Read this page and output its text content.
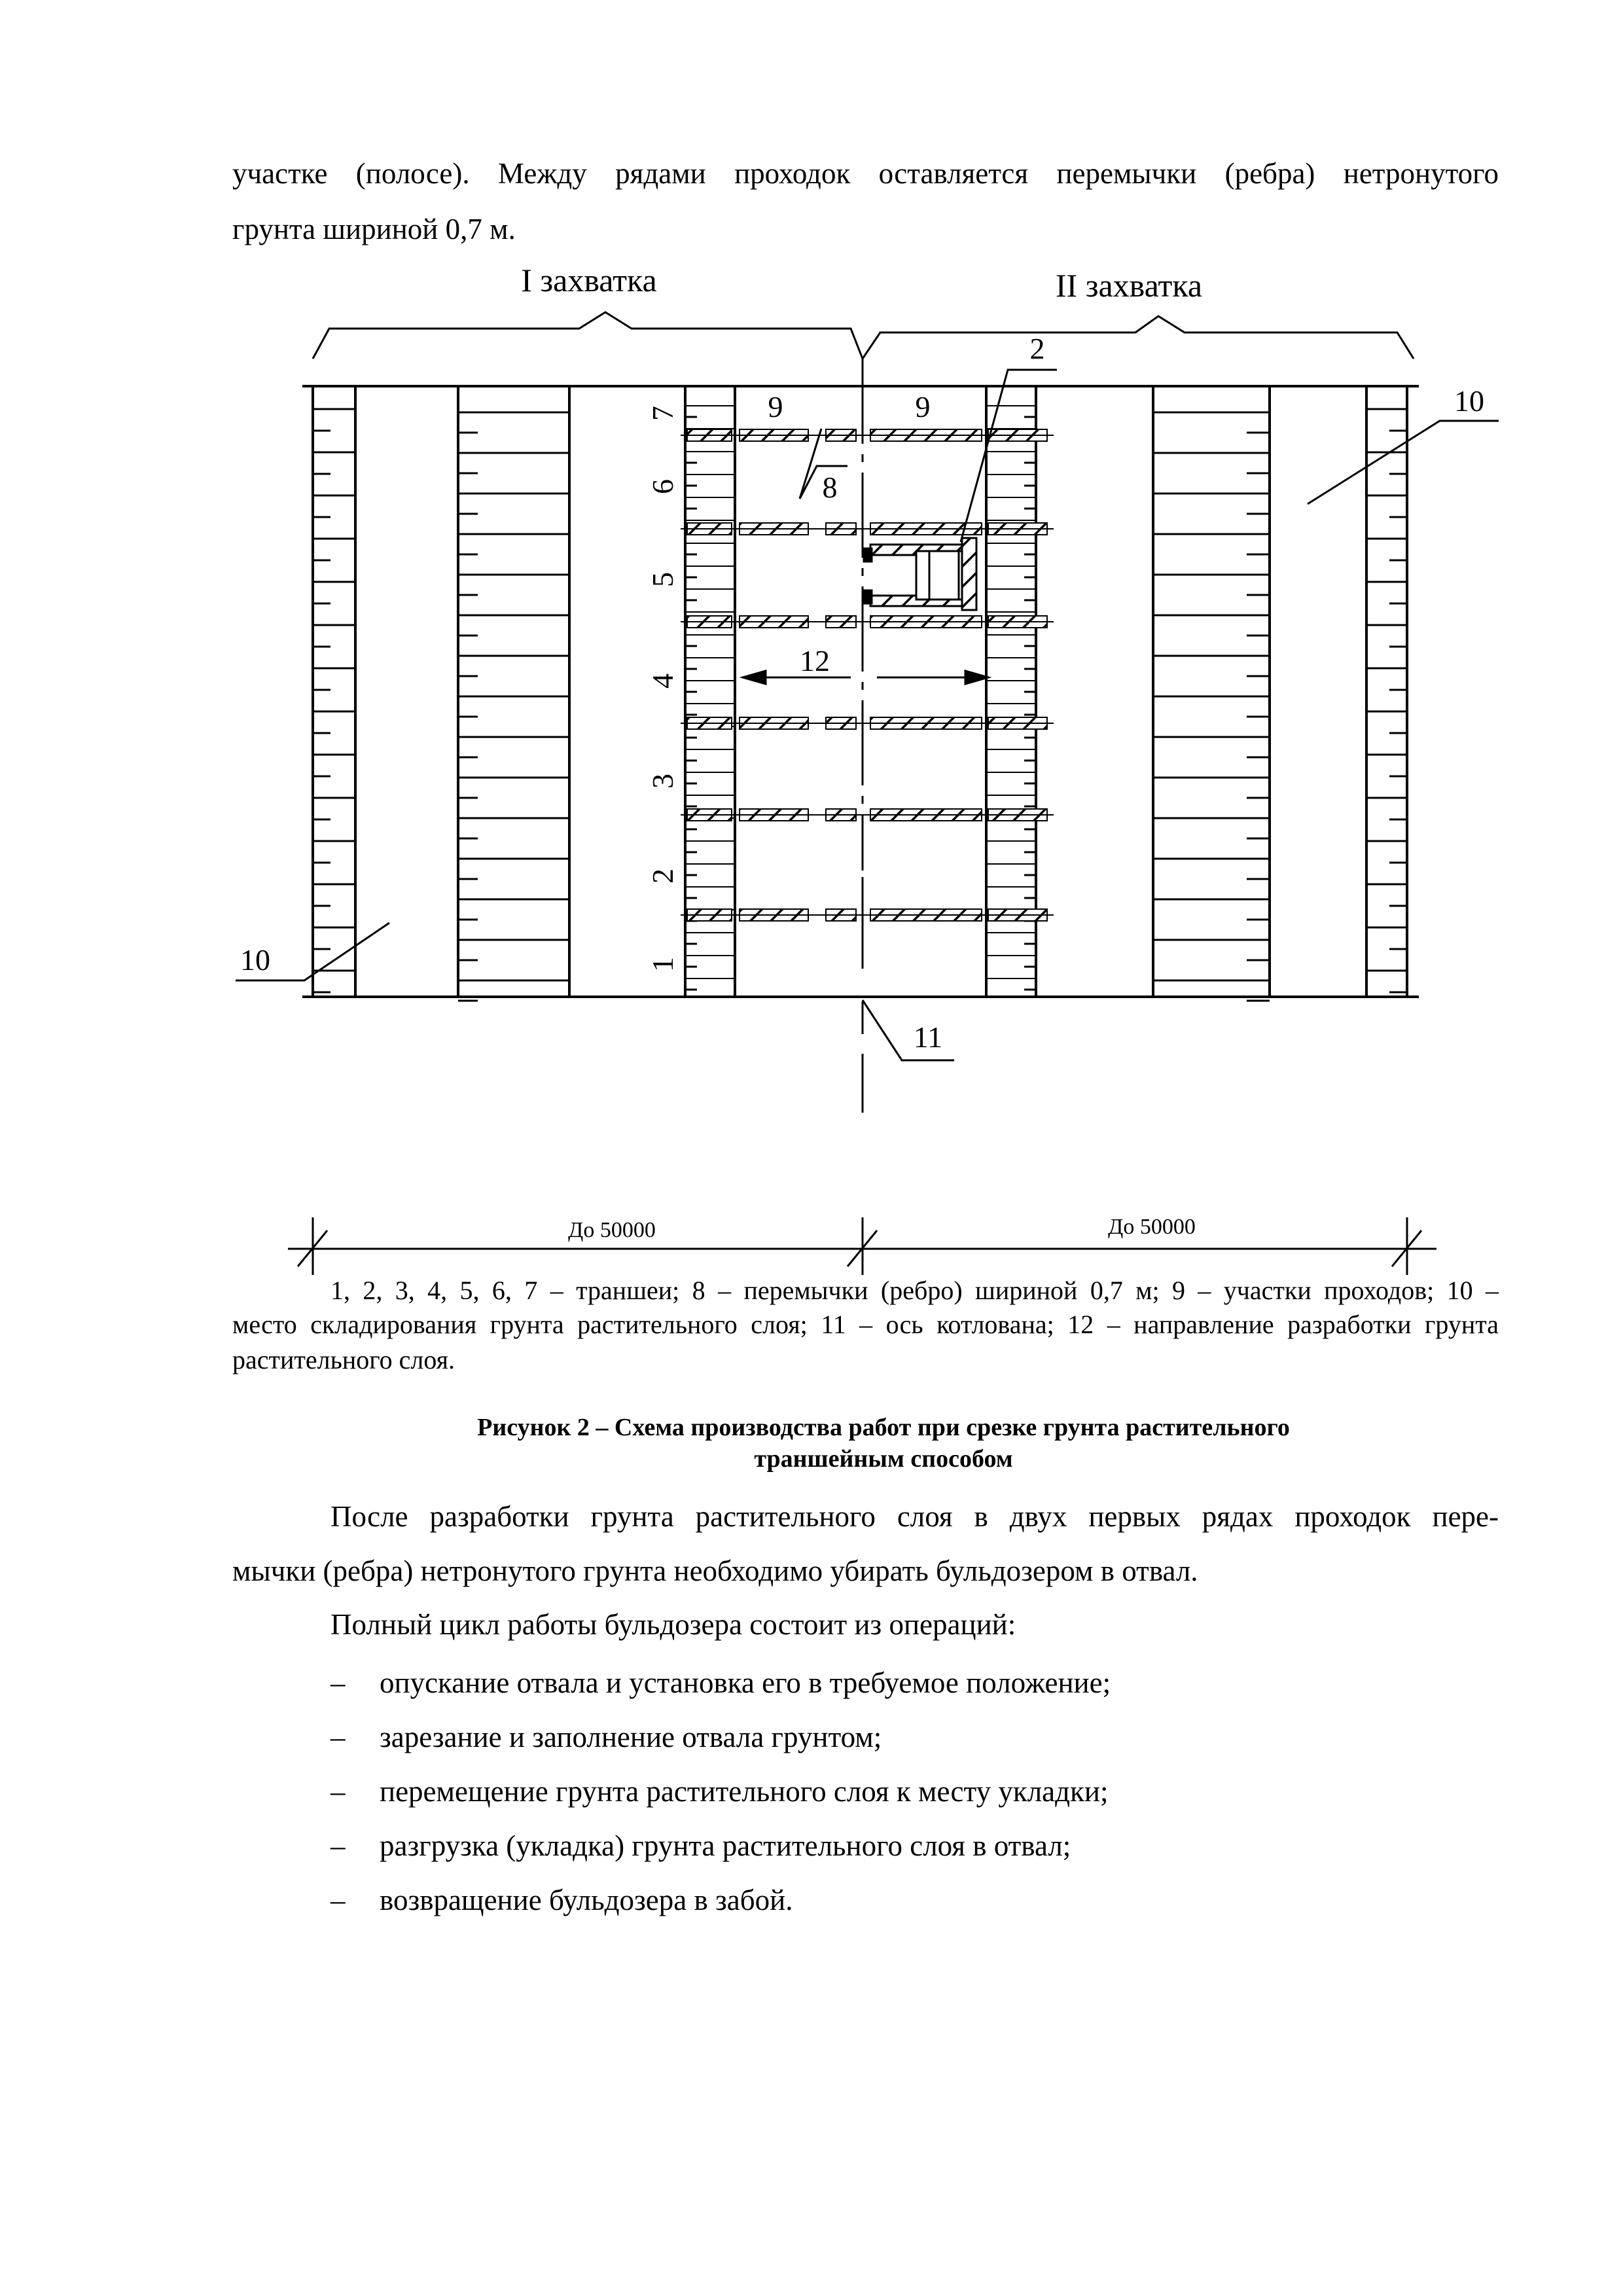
участке (полосе). Между рядами проходок оставляется перемычки (ребра) нетронутого
грунта шириной 0,7 м.
I захватка	II захватка
1
2
3
4
5
6
7
12
9	9
8
2
10
10
11
До 50000	До 50000
1, 2, 3, 4, 5, 6, 7 – траншеи; 8 – перемычки (ребро) шириной 0,7 м; 9 – участки проходов; 10 –
место складирования грунта растительного слоя; 11 – ось котлована; 12 – направление разработки грунта растительного слоя.
Рисунок 2 – Схема производства работ при срезке грунта растительного
траншейным способом
После разработки грунта растительного слоя в двух первых рядах проходок пере-
мычки (ребра) нетронутого грунта необходимо убирать бульдозером в отвал.
Полный цикл работы бульдозера состоит из операций:
– опускание отвала и установка его в требуемое положение;
– зарезание и заполнение отвала грунтом;
– перемещение грунта растительного слоя к месту укладки;
– разгрузка (укладка) грунта растительного слоя в отвал;
– возвращение бульдозера в забой.
